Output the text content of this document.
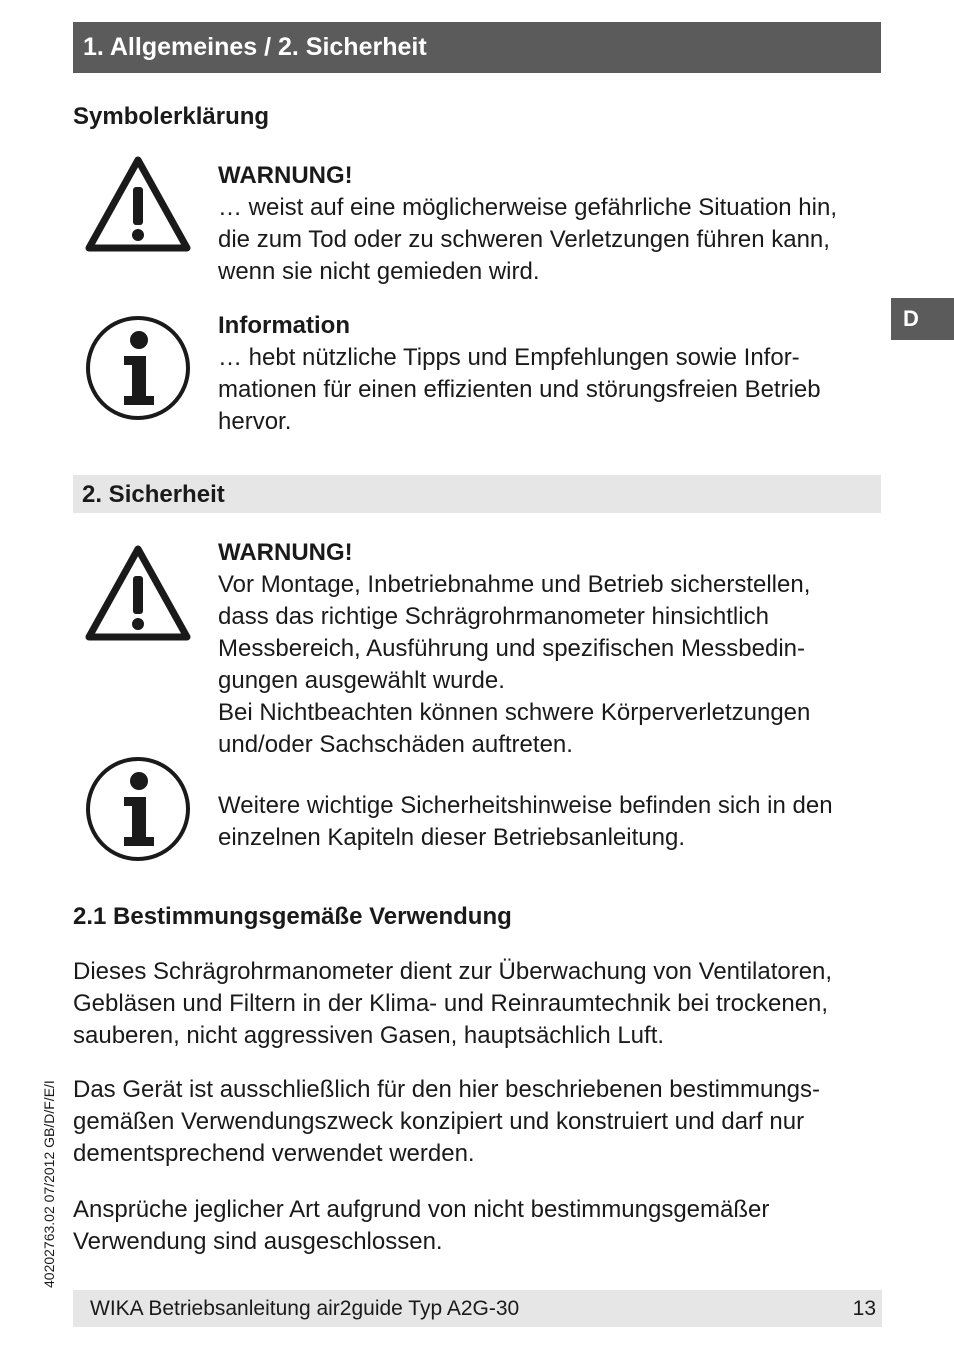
1. Allgemeines / 2. Sicherheit
D
Symbolerklärung
WARNUNG!
… weist auf eine möglicherweise gefährliche Situation hin,
die zum Tod oder zu schweren Verletzungen führen kann,
wenn sie nicht gemieden wird.
Information
… hebt nützliche Tipps und Empfehlungen sowie Infor-
mationen für einen effizienten und störungsfreien Betrieb
hervor.
2. Sicherheit
WARNUNG!
Vor Montage, Inbetriebnahme und Betrieb sicherstellen,
dass das richtige Schrägrohrmanometer hinsichtlich
Messbereich, Ausführung und spezifischen Messbedin-
gungen ausgewählt wurde.
Bei Nichtbeachten können schwere Körperverletzungen
und/oder Sachschäden auftreten.
Weitere wichtige Sicherheitshinweise befinden sich in den
einzelnen Kapiteln dieser Betriebsanleitung.
2.1 Bestimmungsgemäße Verwendung
Dieses Schrägrohrmanometer dient zur Überwachung von Ventilatoren,
Gebläsen und Filtern in der Klima- und Reinraumtechnik bei trockenen,
sauberen, nicht aggressiven Gasen, hauptsächlich Luft.
Das Gerät ist ausschließlich für den hier beschriebenen bestimmungs-
gemäßen Verwendungszweck konzipiert und konstruiert und darf nur
dementsprechend verwendet werden.
Ansprüche jeglicher Art aufgrund von nicht bestimmungsgemäßer
Verwendung sind ausgeschlossen.
40202763.02 07/2012 GB/D/F/E/I
WIKA Betriebsanleitung air2guide Typ A2G-30	13
